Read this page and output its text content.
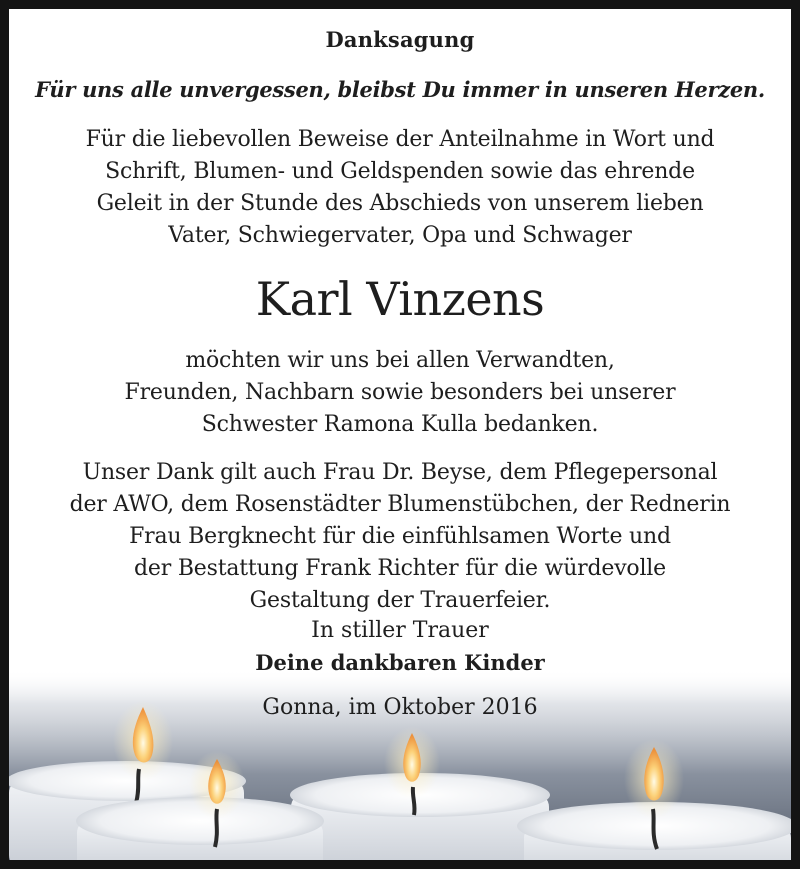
Danksagung
Für uns alle unvergessen, bleibst Du immer in unseren Herzen.
Für die liebevollen Beweise der Anteilnahme in Wort und
Schrift, Blumen- und Geldspenden sowie das ehrende
Geleit in der Stunde des Abschieds von unserem lieben
Vater, Schwiegervater, Opa und Schwager
Karl Vinzens
möchten wir uns bei allen Verwandten,
Freunden, Nachbarn sowie besonders bei unserer
Schwester Ramona Kulla bedanken.
Unser Dank gilt auch Frau Dr. Beyse, dem Pflegepersonal
der AWO, dem Rosenstädter Blumenstübchen, der Rednerin
Frau Bergknecht für die einfühlsamen Worte und
der Bestattung Frank Richter für die würdevolle
Gestaltung der Trauerfeier.
In stiller Trauer
Deine dankbaren Kinder
Gonna, im Oktober 2016
